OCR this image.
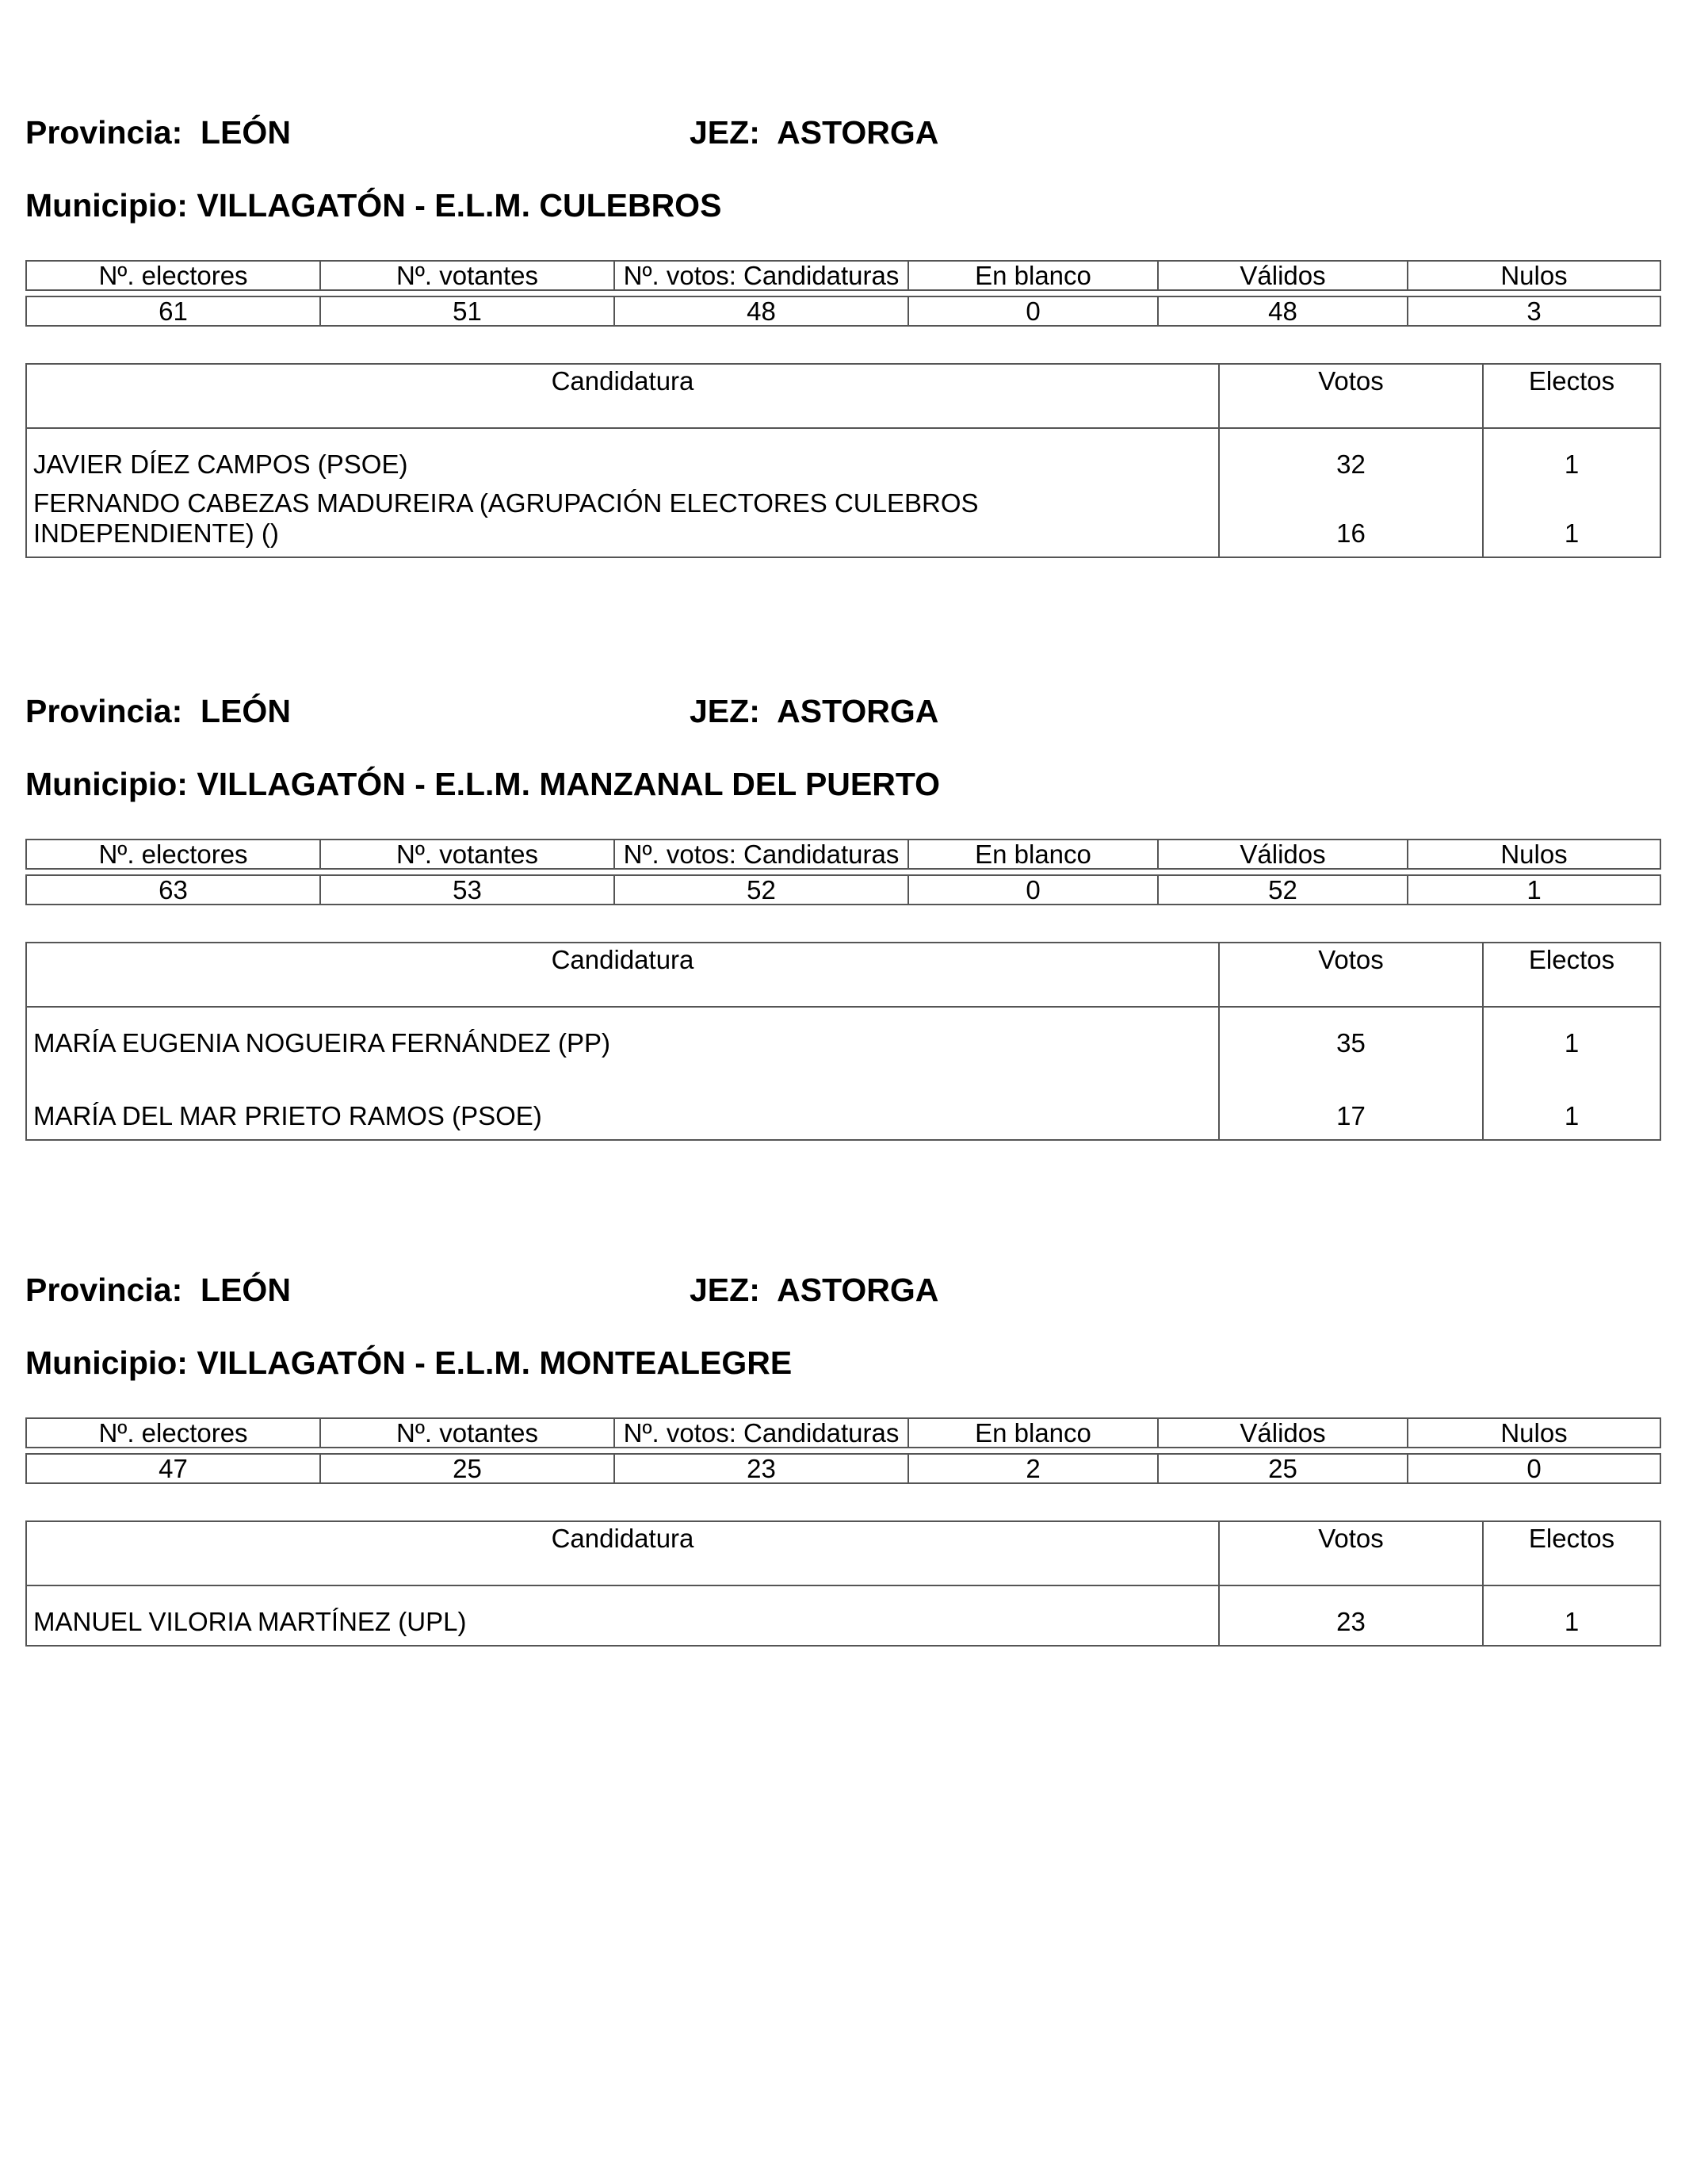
Provincia: LEÓN	JEZ: ASTORGA
Municipio: VILLAGATÓN - E.L.M. CULEBROS
Nº. electores	Nº. votantes	Nº. votos: Candidaturas	En blanco	Válidos	Nulos

61	51	48	0	48	3
Candidatura	Votos	Electos
JAVIER DÍEZ CAMPOS (PSOE)	32	1
FERNANDO CABEZAS MADUREIRA (AGRUPACIÓN ELECTORES CULEBROS INDEPENDIENTE) ()	16	1
Provincia: LEÓN	JEZ: ASTORGA
Municipio: VILLAGATÓN - E.L.M. MANZANAL DEL PUERTO
Nº. electores	Nº. votantes	Nº. votos: Candidaturas	En blanco	Válidos	Nulos

63	53	52	0	52	1
Candidatura	Votos	Electos
MARÍA EUGENIA NOGUEIRA FERNÁNDEZ (PP)	35	1
MARÍA DEL MAR PRIETO RAMOS (PSOE)	17	1
Provincia: LEÓN	JEZ: ASTORGA
Municipio: VILLAGATÓN - E.L.M. MONTEALEGRE
Nº. electores	Nº. votantes	Nº. votos: Candidaturas	En blanco	Válidos	Nulos

47	25	23	2	25	0
Candidatura	Votos	Electos
MANUEL VILORIA MARTÍNEZ (UPL)	23	1
